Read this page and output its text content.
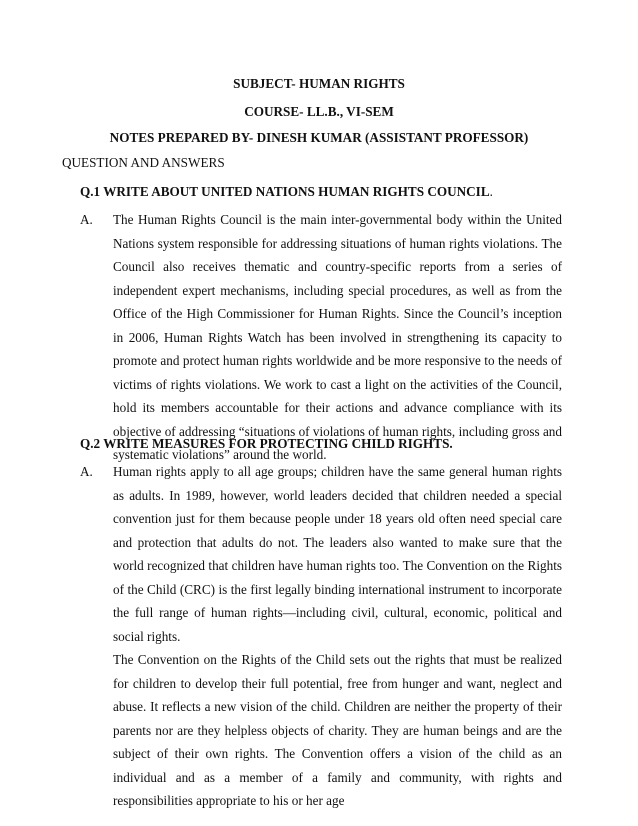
SUBJECT- HUMAN RIGHTS
COURSE- LL.B., VI-SEM
NOTES PREPARED BY- DINESH KUMAR (ASSISTANT PROFESSOR)
QUESTION AND ANSWERS
Q.1 WRITE ABOUT UNITED NATIONS HUMAN RIGHTS COUNCIL.
A. The Human Rights Council is the main inter-governmental body within the United Nations system responsible for addressing situations of human rights violations. The Council also receives thematic and country-specific reports from a series of independent expert mechanisms, including special procedures, as well as from the Office of the High Commissioner for Human Rights. Since the Council’s inception in 2006, Human Rights Watch has been involved in strengthening its capacity to promote and protect human rights worldwide and be more responsive to the needs of victims of rights violations. We work to cast a light on the activities of the Council, hold its members accountable for their actions and advance compliance with its objective of addressing “situations of violations of human rights, including gross and systematic violations” around the world.

Q.2 WRITE MEASURES FOR PROTECTING CHILD RIGHTS.
A. Human rights apply to all age groups; children have the same general human rights as adults. In 1989, however, world leaders decided that children needed a special convention just for them because people under 18 years old often need special care and protection that adults do not. The leaders also wanted to make sure that the world recognized that children have human rights too. The Convention on the Rights of the Child (CRC) is the first legally binding international instrument to incorporate the full range of human rights—including civil, cultural, economic, political and social rights.

The Convention on the Rights of the Child sets out the rights that must be realized for children to develop their full potential, free from hunger and want, neglect and abuse. It reflects a new vision of the child. Children are neither the property of their parents nor are they helpless objects of charity. They are human beings and are the subject of their own rights. The Convention offers a vision of the child as an individual and as a member of a family and community, with rights and responsibilities appropriate to his or her age
